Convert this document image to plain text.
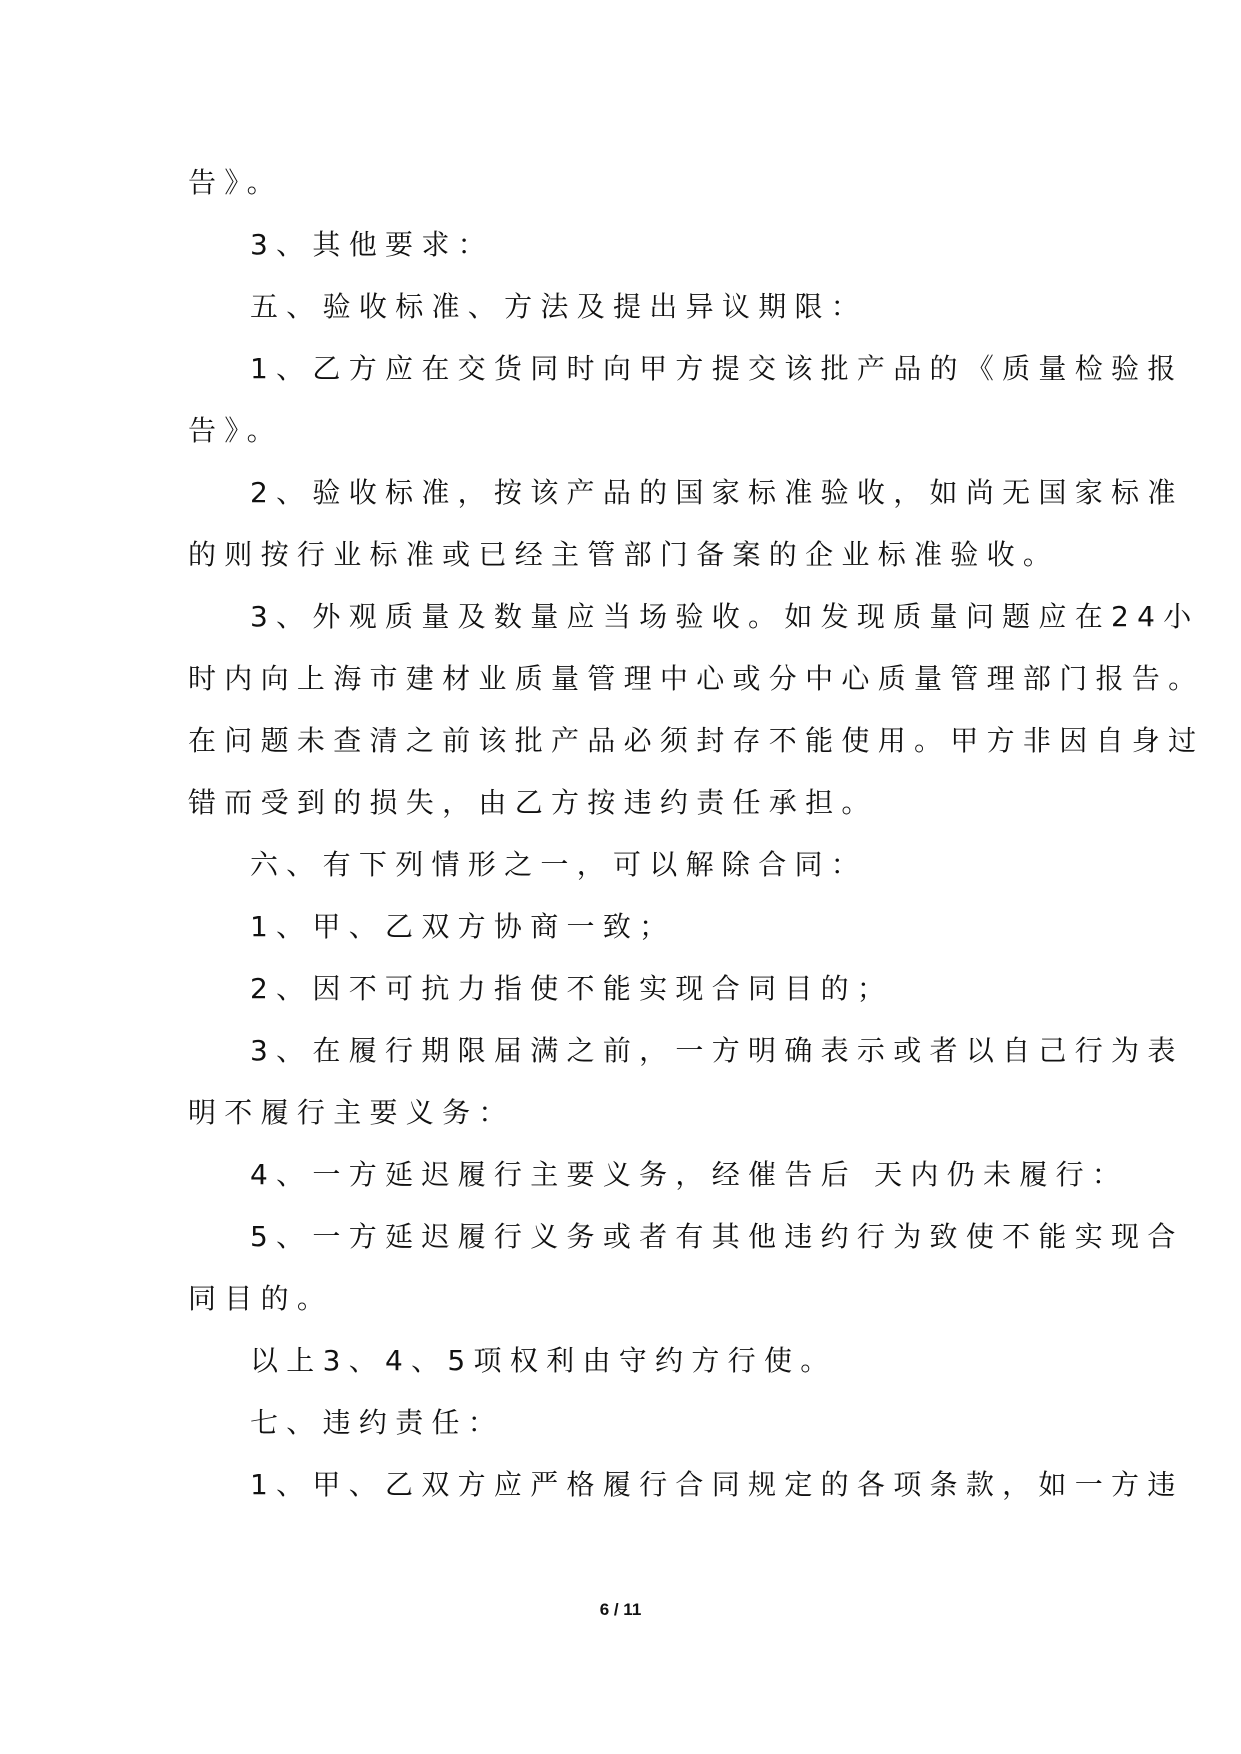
告》。
3、其他要求：
五、验收标准、方法及提出异议期限：
1、乙方应在交货同时向甲方提交该批产品的《质量检验报
告》。
2、验收标准，按该产品的国家标准验收，如尚无国家标准
的则按行业标准或已经主管部门备案的企业标准验收。
3、外观质量及数量应当场验收。如发现质量问题应在24小
时内向上海市建材业质量管理中心或分中心质量管理部门报告。
在问题未查清之前该批产品必须封存不能使用。甲方非因自身过
错而受到的损失，由乙方按违约责任承担。
六、有下列情形之一，可以解除合同：
1、甲、乙双方协商一致；
2、因不可抗力指使不能实现合同目的；
3、在履行期限届满之前，一方明确表示或者以自己行为表
明不履行主要义务：
4、一方延迟履行主要义务，经催告后 天内仍未履行：
5、一方延迟履行义务或者有其他违约行为致使不能实现合
同目的。
以上3、4、5项权利由守约方行使。
七、违约责任：
1、甲、乙双方应严格履行合同规定的各项条款，如一方违
6 / 11
